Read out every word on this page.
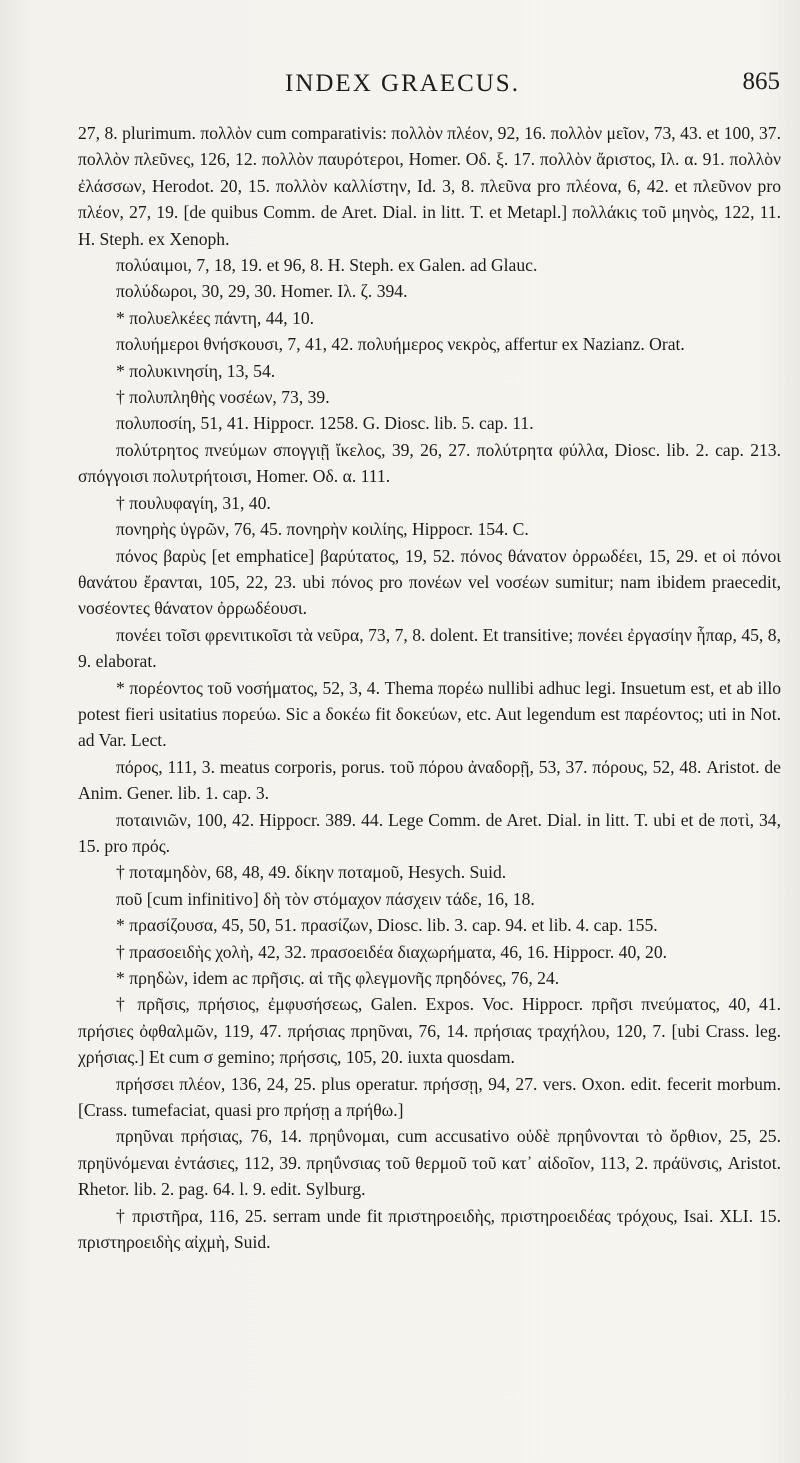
INDEX GRAECUS.	865

27, 8. plurimum. πολλὸν cum comparativis: πολλὸν πλέον, 92, 16. πολλὸν μεῖον, 73, 43. et 100, 37. πολλὸν πλεῦνες, 126, 12. πολλὸν παυρότεροι, Homer. Οδ. ξ. 17. πολλὸν ἄριστος, Ιλ. α. 91. πολλὸν ἐλάσσων, Herodot. 20, 15. πολλὸν καλλίστην, Id. 3, 8. πλεῦνα pro πλέονα, 6, 42. et πλεῦνον pro πλέον, 27, 19. [de quibus Comm. de Aret. Dial. in litt. Τ. et Metapl.] πολλάκις τοῦ μηνὸς, 122, 11. H. Steph. ex Xenoph.

πολύαιμοι, 7, 18, 19. et 96, 8. H. Steph. ex Galen. ad Glauc.

πολύδωροι, 30, 29, 30. Homer. Ιλ. ζ. 394.

* πολυελκέες πάντη, 44, 10.

πολυήμεροι θνήσκουσι, 7, 41, 42. πολυήμερος νεκρὸς, affertur ex Nazianz. Orat.

* πολυκινησίη, 13, 54.

† πολυπληθὴς νοσέων, 73, 39.

πολυποσίη, 51, 41. Hippocr. 1258. G. Diosc. lib. 5. cap. 11.

πολύτρητος πνεύμων σπογγιῇ ἴκελος, 39, 26, 27. πολύτρητα φύλλα, Diosc. lib. 2. cap. 213. σπόγγοισι πολυτρήτοισι, Homer. Οδ. α. 111.

† πουλυφαγίη, 31, 40.

πονηρὴς ὑγρῶν, 76, 45. πονηρὴν κοιλίης, Hippocr. 154. C.

πόνος βαρὺς [et emphatice] βαρύτατος, 19, 52. πόνος θάνατον ὀρρωδέει, 15, 29. et οἱ πόνοι θανάτου ἔρανται, 105, 22, 23. ubi πόνος pro πονέων vel νοσέων sumitur; nam ibidem praecedit, νοσέοντες θάνατον ὀρρωδέουσι.

πονέει τοῖσι φρενιτικοῖσι τὰ νεῦρα, 73, 7, 8. dolent. Et transitive; πονέει ἐργασίην ἧπαρ, 45, 8, 9. elaborat.

* πορέοντος τοῦ νοσήματος, 52, 3, 4. Thema πορέω nullibi adhuc legi. Insuetum est, et ab illo potest fieri usitatius πορεύω. Sic a δοκέω fit δοκεύων, etc. Aut legendum est παρέοντος; uti in Not. ad Var. Lect.

πόρος, 111, 3. meatus corporis, porus. τοῦ πόρου ἀναδορῇ, 53, 37. πόρους, 52, 48. Aristot. de Anim. Gener. lib. 1. cap. 3.

ποταινιῶν, 100, 42. Hippocr. 389. 44. Lege Comm. de Aret. Dial. in litt. Τ. ubi et de ποτὶ, 34, 15. pro πρός.

† ποταμηδὸν, 68, 48, 49. δίκην ποταμοῦ, Hesych. Suid.

ποῦ [cum infinitivo] δὴ τὸν στόμαχον πάσχειν τάδε, 16, 18.

* πρασίζουσα, 45, 50, 51. πρασίζων, Diosc. lib. 3. cap. 94. et lib. 4. cap. 155.

† πρασοειδὴς χολὴ, 42, 32. πρασοειδέα διαχωρήματα, 46, 16. Hippocr. 40, 20.

* πρηδὼν, idem ac πρῆσις. αἱ τῆς φλεγμονῆς πρηδόνες, 76, 24.

† πρῆσις, πρήσιος, ἐμφυσήσεως, Galen. Expos. Voc. Hippocr. πρῆσι πνεύματος, 40, 41. πρήσιες ὀφθαλμῶν, 119, 47. πρήσιας πρηῦναι, 76, 14. πρήσιας τραχήλου, 120, 7. [ubi Crass. leg. χρήσιας.] Et cum σ gemino; πρήσσις, 105, 20. iuxta quosdam.

πρήσσει πλέον, 136, 24, 25. plus operatur. πρήσσῃ, 94, 27. vers. Oxon. edit. fecerit morbum. [Crass. tumefaciat, quasi pro πρήσῃ a πρήθω.]

πρηῦναι πρήσιας, 76, 14. πρηΰνομαι, cum accusativo οὐδὲ πρηΰνονται τὸ ὄρθιον, 25, 25. πρηϋνόμεναι ἐντάσιες, 112, 39. πρηΰνσιας τοῦ θερμοῦ τοῦ κατ᾽ αἰδοῖον, 113, 2. πράϋνσις, Aristot. Rhetor. lib. 2. pag. 64. l. 9. edit. Sylburg.

† πριστῆρα, 116, 25. serram unde fit πριστηροειδὴς, πριστηροειδέας τρόχους, Isai. XLI. 15. πριστηροειδὴς αἰχμὴ, Suid.
